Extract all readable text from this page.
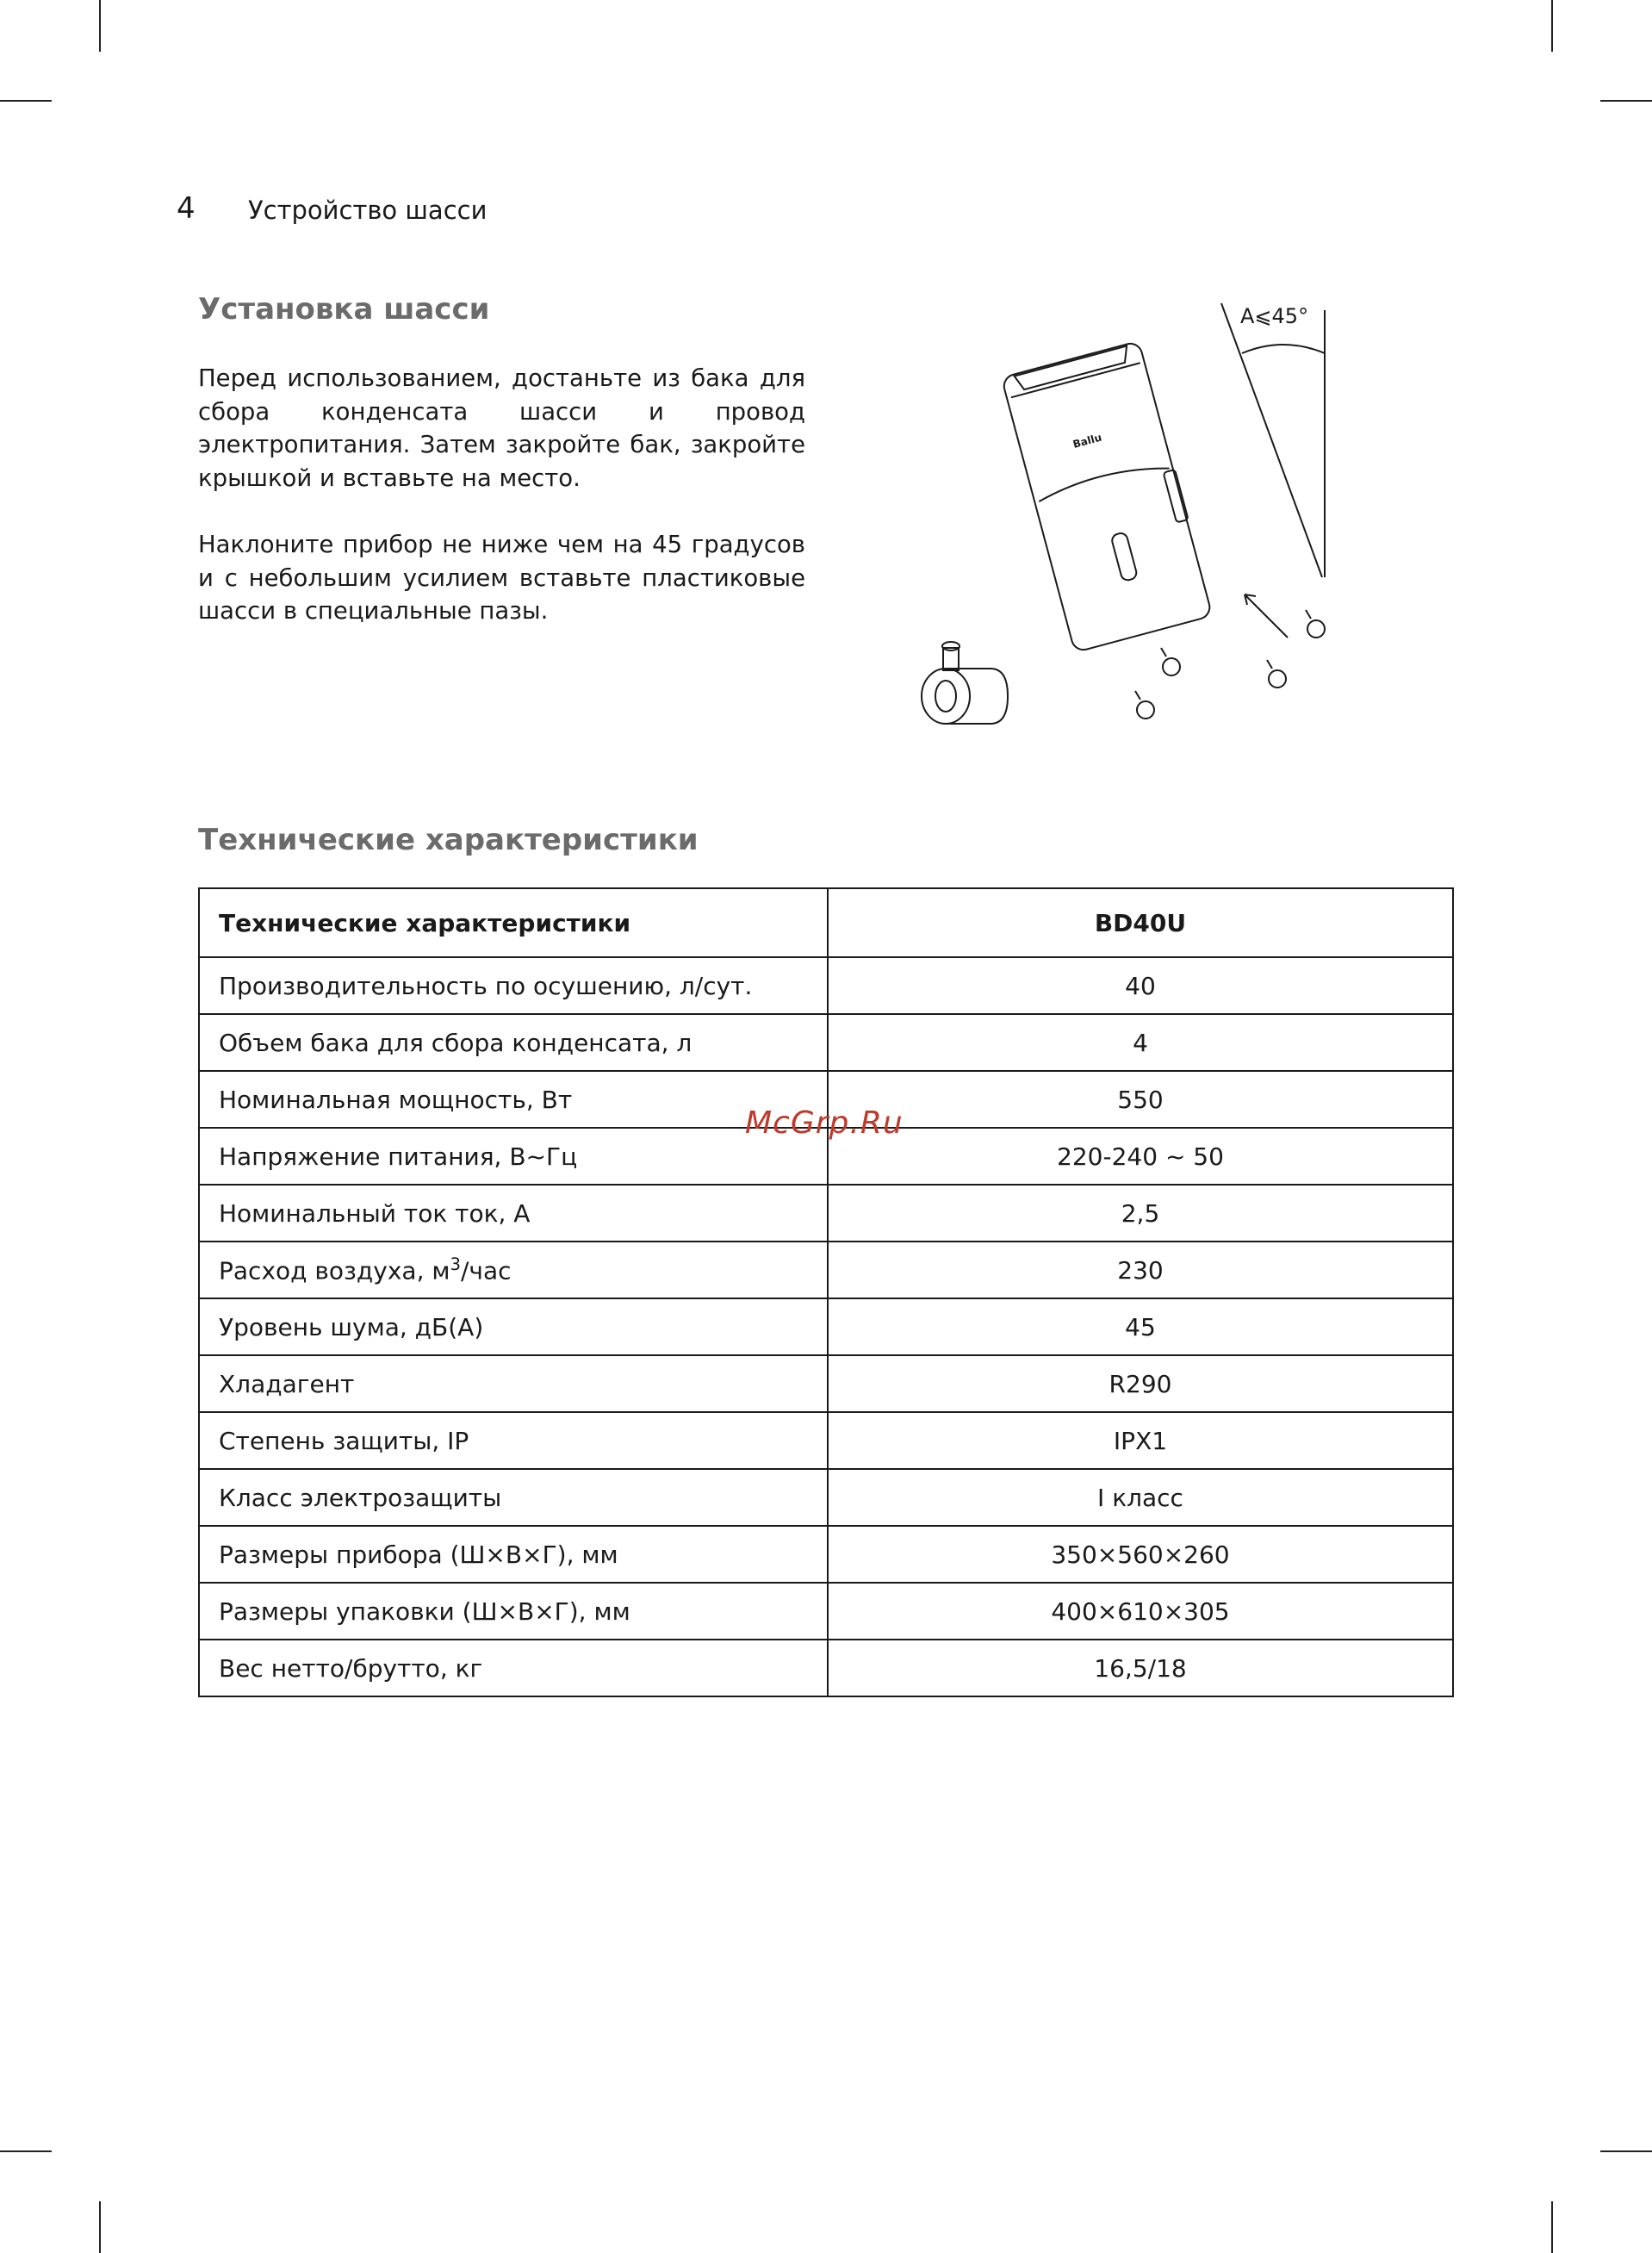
4 Устройство шасси
Установка шасси

Перед использованием, достаньте из бака для сбора конденсата шасси и провод электропитания. Затем закройте бак, закройте крышкой и вставьте на место.

Наклоните прибор не ниже чем на 45 градусов и с небольшим усилием вставьте пластиковые шасси в специальные пазы.

A⩽45°
Ballu
Технические характеристики
Технические характеристики	BD40U
Производительность по осушению, л/сут.	40
Объем бака для сбора конденсата, л	4
Номинальная мощность, Вт	550
Напряжение питания, В~Гц	220-240 ~ 50
Номинальный ток ток, А	2,5
Расход воздуха, $м^3$/час	230
Уровень шума, дБ(А)	45
Хладагент	R290
Степень защиты, IP	IPX1
Класс электрозащиты	I класс
Размеры прибора (Ш×В×Г), мм	350×560×260
Размеры упаковки (Ш×В×Г), мм	400×610×305
Вес нетто/брутто, кг	16,5/18
McGrp.Ru
